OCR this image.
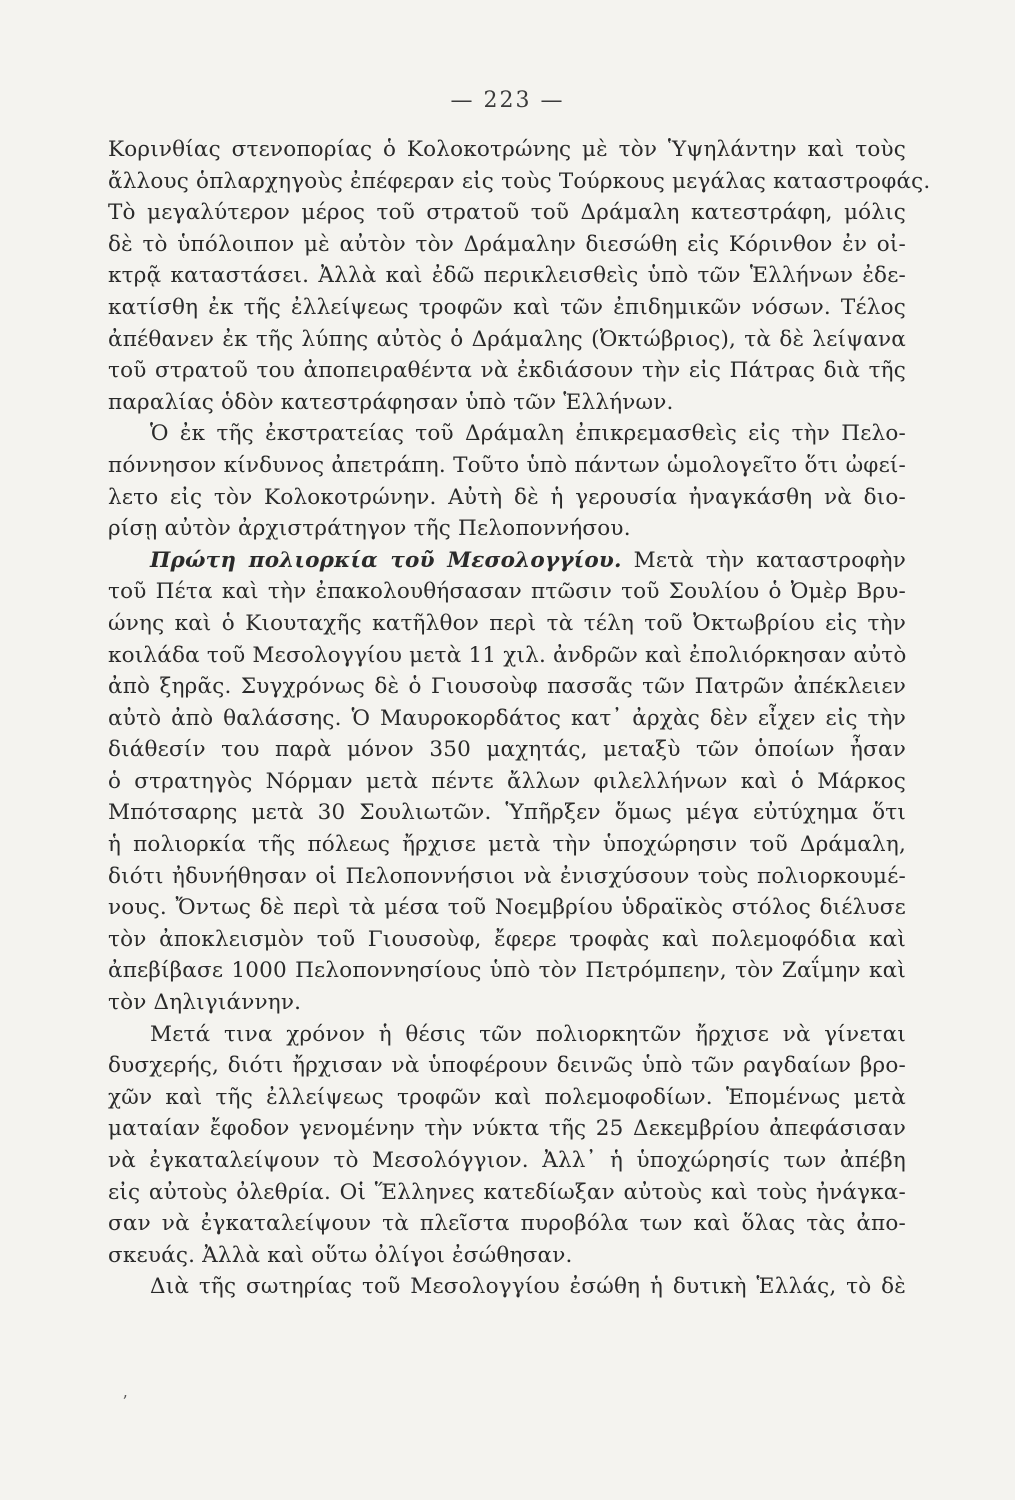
— 223 —
Κορινθίας στενοπορίας ὁ Κολοκοτρώνης μὲ τὸν Ὑψηλάντην καὶ τοὺς
ἄλλους ὁπλαρχηγοὺς ἐπέφεραν εἰς τοὺς Τούρκους μεγάλας καταστροφάς.
Τὸ μεγαλύτερον μέρος τοῦ στρατοῦ τοῦ Δράμαλη κατεστράφη, μόλις
δὲ τὸ ὑπόλοιπον μὲ αὐτὸν τὸν Δράμαλην διεσώθη εἰς Κόρινθον ἐν οἰ-
κτρᾷ καταστάσει. Ἀλλὰ καὶ ἐδῶ περικλεισθεὶς ὑπὸ τῶν Ἑλλήνων ἐδε-
κατίσθη ἐκ τῆς ἐλλείψεως τροφῶν καὶ τῶν ἐπιδημικῶν νόσων. Τέλος
ἀπέθανεν ἐκ τῆς λύπης αὐτὸς ὁ Δράμαλης (Ὀκτώβριος), τὰ δὲ λείψανα
τοῦ στρατοῦ του ἀποπειραθέντα νὰ ἐκδιάσουν τὴν εἰς Πάτρας διὰ τῆς
παραλίας ὁδὸν κατεστράφησαν ὑπὸ τῶν Ἑλλήνων.
Ὁ ἐκ τῆς ἐκστρατείας τοῦ Δράμαλη ἐπικρεμασθεὶς εἰς τὴν Πελο-
πόννησον κίνδυνος ἀπετράπη. Τοῦτο ὑπὸ πάντων ὡμολογεῖτο ὅτι ὠφεί-
λετο εἰς τὸν Κολοκοτρώνην. Αὐτὴ δὲ ἡ γερουσία ἠναγκάσθη νὰ διο-
ρίσῃ αὐτὸν ἀρχιστράτηγον τῆς Πελοποννήσου.
Πρώτη πολιορκία τοῦ Μεσολογγίου. Μετὰ τὴν καταστροφὴν
τοῦ Πέτα καὶ τὴν ἐπακολουθήσασαν πτῶσιν τοῦ Σουλίου ὁ Ὀμὲρ Βρυ-
ώνης καὶ ὁ Κιουταχῆς κατῆλθον περὶ τὰ τέλη τοῦ Ὀκτωβρίου εἰς τὴν
κοιλάδα τοῦ Μεσολογγίου μετὰ 11 χιλ. ἀνδρῶν καὶ ἐπολιόρκησαν αὐτὸ
ἀπὸ ξηρᾶς. Συγχρόνως δὲ ὁ Γιουσοὺφ πασσᾶς τῶν Πατρῶν ἀπέκλειεν
αὐτὸ ἀπὸ θαλάσσης. Ὁ Μαυροκορδάτος κατ᾽ ἀρχὰς δὲν εἶχεν εἰς τὴν
διάθεσίν του παρὰ μόνον 350 μαχητάς, μεταξὺ τῶν ὁποίων ἦσαν
ὁ στρατηγὸς Νόρμαν μετὰ πέντε ἄλλων φιλελλήνων καὶ ὁ Μάρκος
Μπότσαρης μετὰ 30 Σουλιωτῶν. Ὑπῆρξεν ὅμως μέγα εὐτύχημα ὅτι
ἡ πολιορκία τῆς πόλεως ἤρχισε μετὰ τὴν ὑποχώρησιν τοῦ Δράμαλη,
διότι ἠδυνήθησαν οἱ Πελοποννήσιοι νὰ ἐνισχύσουν τοὺς πολιορκουμέ-
νους. Ὄντως δὲ περὶ τὰ μέσα τοῦ Νοεμβρίου ὑδραϊκὸς στόλος διέλυσε
τὸν ἀποκλεισμὸν τοῦ Γιουσοὺφ, ἔφερε τροφὰς καὶ πολεμοφόδια καὶ
ἀπεβίβασε 1000 Πελοποννησίους ὑπὸ τὸν Πετρόμπεην, τὸν Ζαΐμην καὶ
τὸν Δηλιγιάννην.
Μετά τινα χρόνον ἡ θέσις τῶν πολιορκητῶν ἤρχισε νὰ γίνεται
δυσχερής, διότι ἤρχισαν νὰ ὑποφέρουν δεινῶς ὑπὸ τῶν ραγδαίων βρο-
χῶν καὶ τῆς ἐλλείψεως τροφῶν καὶ πολεμοφοδίων. Ἑπομένως μετὰ
ματαίαν ἔφοδον γενομένην τὴν νύκτα τῆς 25 Δεκεμβρίου ἀπεφάσισαν
νὰ ἐγκαταλείψουν τὸ Μεσολόγγιον. Ἀλλ᾽ ἡ ὑποχώρησίς των ἀπέβη
εἰς αὐτοὺς ὀλεθρία. Οἱ Ἕλληνες κατεδίωξαν αὐτοὺς καὶ τοὺς ἠνάγκα-
σαν νὰ ἐγκαταλείψουν τὰ πλεῖστα πυροβόλα των καὶ ὅλας τὰς ἀπο-
σκευάς. Ἀλλὰ καὶ οὕτω ὀλίγοι ἐσώθησαν.
Διὰ τῆς σωτηρίας τοῦ Μεσολογγίου ἐσώθη ἡ δυτικὴ Ἑλλάς, τὸ δὲ
ʼ
